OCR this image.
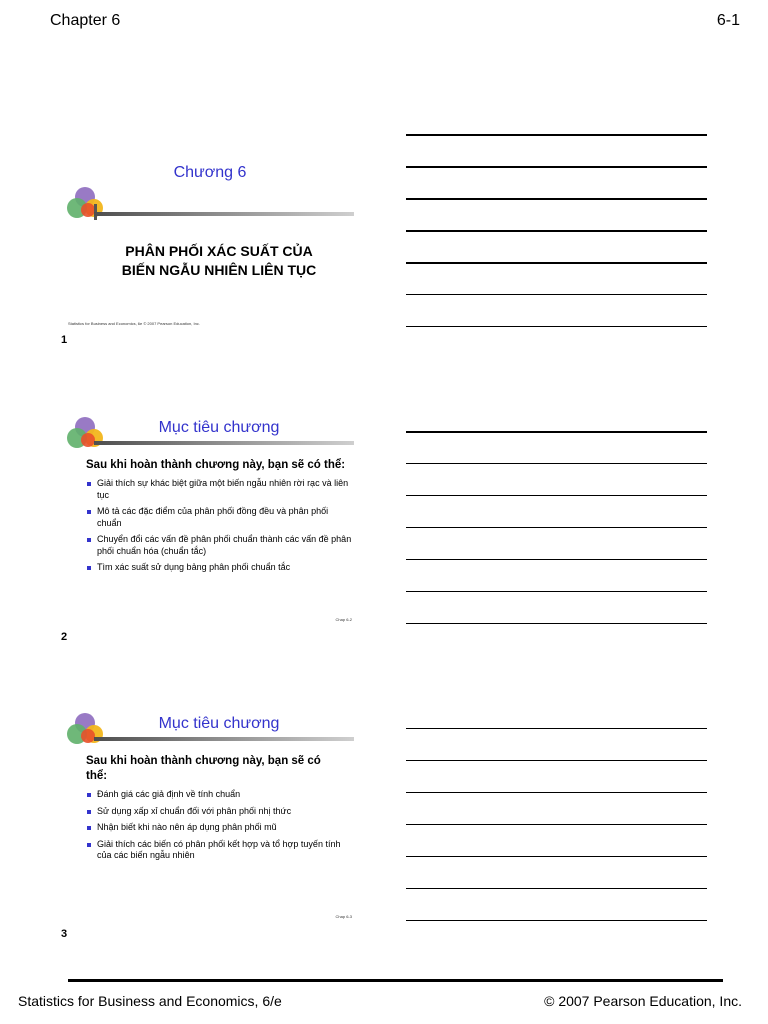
Chapter 6	6-1
Chương 6
PHÂN PHỐI XÁC SUẤT CỦA
BIẾN NGẪU NHIÊN LIÊN TỤC
Statistics for Business and Economics, 6e © 2007 Pearson Education, Inc.
1
Mục tiêu chương
Sau khi hoàn thành chương này, bạn sẽ có thể:
Giải thích sự khác biệt giữa một biến ngẫu nhiên rời rạc và liên tục
Mô tả các đặc điểm của phân phối đồng đều và phân phối chuẩn
Chuyển đổi các vấn đề phân phối chuẩn thành các vấn đề phân phối chuẩn hóa (chuẩn tắc)
Tìm xác suất sử dụng bảng phân phối chuẩn tắc
Chap 6-2
2
Mục tiêu chương
Sau khi hoàn thành chương này, bạn sẽ có thể:
Đánh giá các giả định về tính chuẩn
Sử dụng xấp xỉ chuẩn đối với phân phối nhị thức
Nhận biết khi nào nên áp dụng phân phối mũ
Giải thích các biến có phân phối kết hợp và tổ hợp tuyến tính của các biến ngẫu nhiên
Chap 6-3
3
Statistics for Business and Economics, 6/e	© 2007 Pearson Education, Inc.
